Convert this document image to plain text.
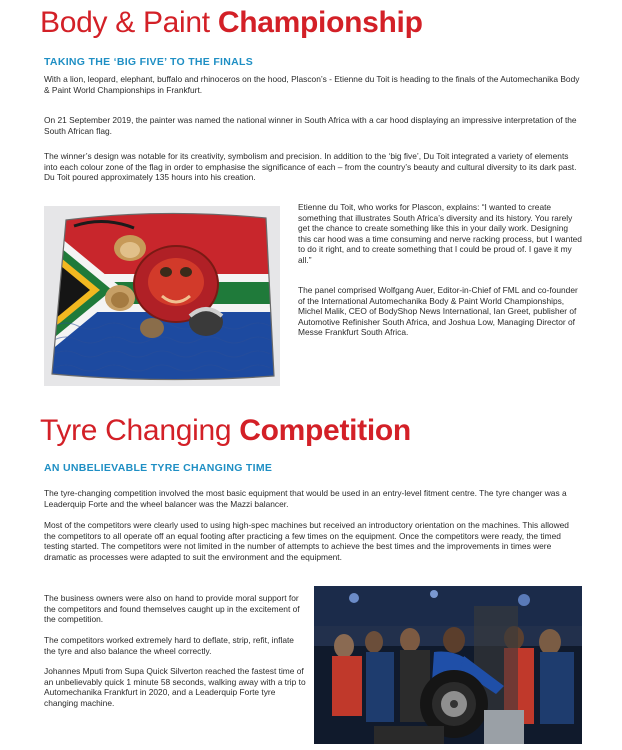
Body & Paint Championship
TAKING THE ‘BIG FIVE’ TO THE FINALS

With a lion, leopard, elephant, buffalo and rhinoceros on the hood, Plascon’s - Etienne du Toit is heading to the finals of the Automechanika Body & Paint World Championships in Frankfurt.

On 21 September 2019, the painter was named the national winner in South Africa with a car hood displaying an impressive interpretation of the South African flag.

The winner’s design was notable for its creativity, symbolism and precision. In addition to the ‘big five’, Du Toit integrated a variety of elements into each colour zone of the flag in order to emphasise the significance of each – from the country’s beauty and cultural diversity to its dark past. Du Toit poured approximately 135 hours into his creation.

Etienne du Toit, who works for Plascon, explains: “I wanted to create something that illustrates South Africa’s diversity and its history. You rarely get the chance to create something like this in your daily work. Designing this car hood was a time consuming and nerve racking process, but I wanted to do it right, and to create something that I could be proud of. I gave it my all.”

The panel comprised Wolfgang Auer, Editor-in-Chief of FML and co-founder of the International Automechanika Body & Paint World Championships, Michel Malik, CEO of BodyShop News International, Ian Greet, publisher of Automotive Refinisher South Africa, and Joshua Low, Managing Director of Messe Frankfurt South Africa.

Tyre Changing Competition
AN UNBELIEVABLE TYRE CHANGING TIME

The tyre-changing competition involved the most basic equipment that would be used in an entry-level fitment centre. The tyre changer was a Leaderquip Forte and the wheel balancer was the Mazzi balancer.

Most of the competitors were clearly used to using high-spec machines but received an introductory orientation on the machines. This allowed the competitors to all operate off an equal footing after practicing a few times on the equipment. Once the competitors were ready, the timed testing started. The competitors were not limited in the number of attempts to achieve the best times and the improvements in times were dramatic as processes were adapted to suit the environment and the equipment.

The business owners were also on hand to provide moral support for the competitors and found themselves caught up in the excitement of the competition.

The competitors worked extremely hard to deflate, strip, refit, inflate the tyre and also balance the wheel correctly.

Johannes Mputi from Supa Quick Silverton reached the fastest time of an unbelievably quick 1 minute 58 seconds, walking away with a trip to Automechanika Frankfurt in 2020, and a Leaderquip Forte tyre changing machine.
